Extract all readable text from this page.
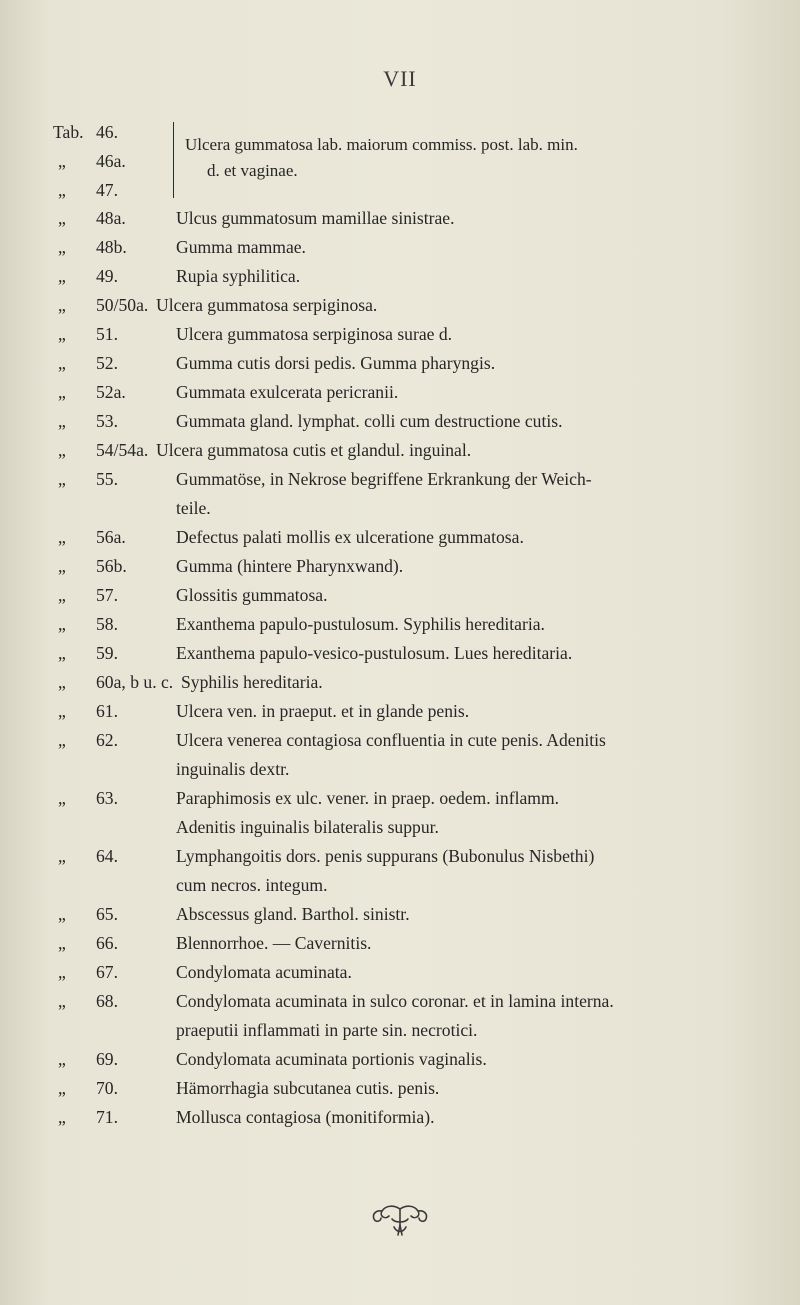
VII
Tab. 46.
„ 46a.
„ 47.
Ulcera gummatosa lab. maiorum commiss. post. lab. min.
d. et vaginae.
„ 48a.	Ulcus gummatosum mamillae sinistrae.
„ 48b.	Gumma mammae.
„ 49.	Rupia syphilitica.
„ 50/50a. Ulcera gummatosa serpiginosa.
„ 51.	Ulcera gummatosa serpiginosa surae d.
„ 52.	Gumma cutis dorsi pedis. Gumma pharyngis.
„ 52a.	Gummata exulcerata pericranii.
„ 53.	Gummata gland. lymphat. colli cum destructione cutis.
„ 54/54a. Ulcera gummatosa cutis et glandul. inguinal.
„ 55.	Gummatöse, in Nekrose begriffene Erkrankung der Weich-
teile.
„ 56a.	Defectus palati mollis ex ulceratione gummatosa.
„ 56b.	Gumma (hintere Pharynxwand).
„ 57.	Glossitis gummatosa.
„ 58.	Exanthema papulo-pustulosum. Syphilis hereditaria.
„ 59.	Exanthema papulo-vesico-pustulosum. Lues hereditaria.
„ 60a, b u. c. Syphilis hereditaria.
„ 61.	Ulcera ven. in praeput. et in glande penis.
„ 62.	Ulcera venerea contagiosa confluentia in cute penis. Adenitis
inguinalis dextr.
„ 63.	Paraphimosis ex ulc. vener. in praep. oedem. inflamm.
Adenitis inguinalis bilateralis suppur.
„ 64.	Lymphangoitis dors. penis suppurans (Bubonulus Nisbethi)
cum necros. integum.
„ 65.	Abscessus gland. Barthol. sinistr.
„ 66.	Blennorrhoe. — Cavernitis.
„ 67.	Condylomata acuminata.
„ 68.	Condylomata acuminata in sulco coronar. et in lamina interna.
praeputii inflammati in parte sin. necrotici.
„ 69.	Condylomata acuminata portionis vaginalis.
„ 70.	Hämorrhagia subcutanea cutis. penis.
„ 71.	Mollusca contagiosa (monitiformia).
